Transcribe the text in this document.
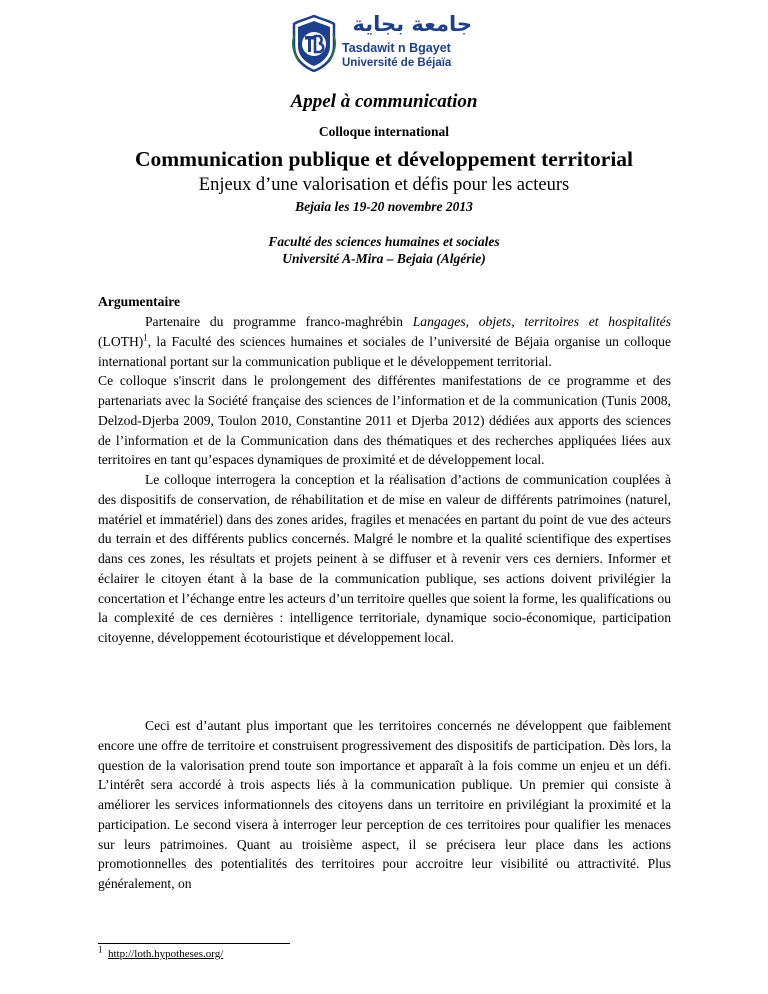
جامعة بجاية
Tasdawit n Bgayet
Université de Béjaïa
Appel à communication
Colloque international
Communication publique et développement territorial
Enjeux d’une valorisation et défis pour les acteurs
Bejaia les 19-20 novembre 2013
Faculté des sciences humaines et sociales
Université A-Mira – Bejaia (Algérie)
Argumentaire

Partenaire du programme franco-maghrébin Langages, objets, territoires et hospitalités (LOTH)$^1$, la Faculté des sciences humaines et sociales de l’université de Béjaia organise un colloque international portant sur la communication publique et le développement territorial.

Ce colloque s'inscrit dans le prolongement des différentes manifestations de ce programme et des partenariats avec la Société française des sciences de l’information et de la communication (Tunis 2008, Delzod-Djerba 2009, Toulon 2010, Constantine 2011 et Djerba 2012) dédiées aux apports des sciences de l’information et de la Communication dans des thématiques et des recherches appliquées liées aux territoires en tant qu’espaces dynamiques de proximité et de développement local.

Le colloque interrogera la conception et la réalisation d’actions de communication couplées à des dispositifs de conservation, de réhabilitation et de mise en valeur de différents patrimoines (naturel, matériel et immatériel) dans des zones arides, fragiles et menacées en partant du point de vue des acteurs du terrain et des différents publics concernés. Malgré le nombre et la qualité scientifique des expertises dans ces zones, les résultats et projets peinent à se diffuser et à revenir vers ces derniers. Informer et éclairer le citoyen étant à la base de la communication publique, ses actions doivent privilégier la concertation et l’échange entre les acteurs d’un territoire quelles que soient la forme, les qualifications ou la complexité de ces dernières : intelligence territoriale, dynamique socio-économique, participation citoyenne, développement écotouristique et développement local.

Ceci est d’autant plus important que les territoires concernés ne développent que faiblement encore une offre de territoire et construisent progressivement des dispositifs de participation. Dès lors, la question de la valorisation prend toute son importance et apparaît à la fois comme un enjeu et un défi. L’intérêt sera accordé à trois aspects liés à la communication publique. Un premier qui consiste à améliorer les services informationnels des citoyens dans un territoire en privilégiant la proximité et la participation. Le second visera à interroger leur perception de ces territoires pour qualifier les menaces sur leurs patrimoines. Quant au troisième aspect, il se précisera leur place dans les actions promotionnelles des potentialités des territoires pour accroitre leur visibilité ou attractivité. Plus généralement, on

$^1$ http://loth.hypotheses.org/
